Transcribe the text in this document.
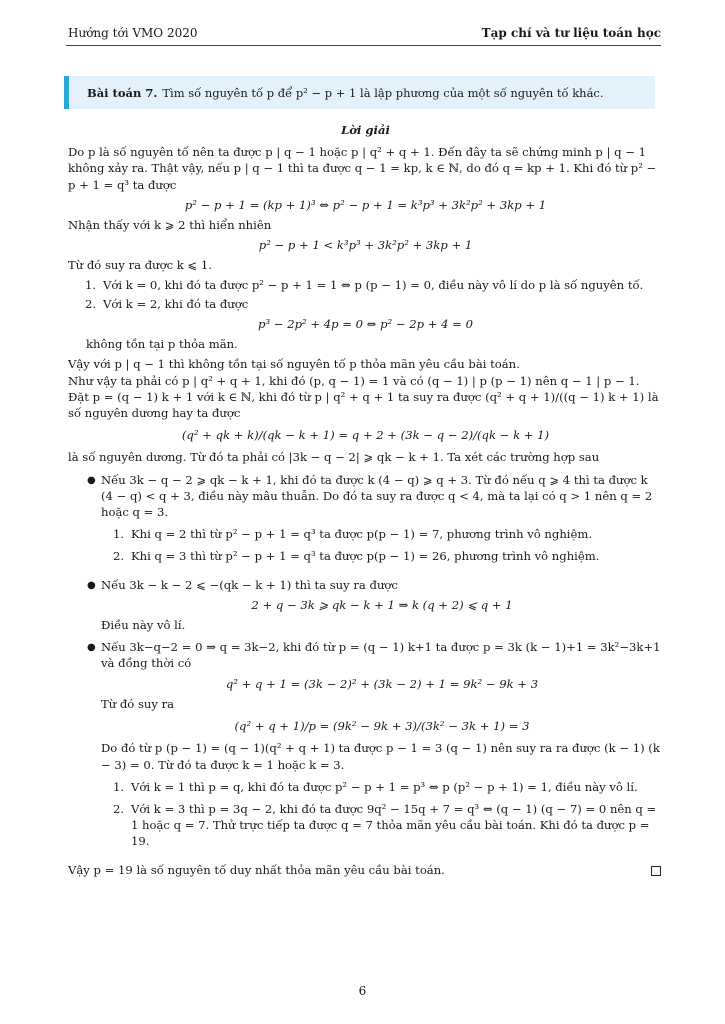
Hướng tới VMO 2020	Tạp chí và tư liệu toán học
Bài toán 7. Tìm số nguyên tố p để p² − p + 1 là lập phương của một số nguyên tố khác.

Lời giải

Do p là số nguyên tố nên ta được p | q − 1 hoặc p | q² + q + 1. Đến đây ta sẽ chứng minh p | q − 1 không xảy ra. Thật vậy, nếu p | q − 1 thì ta được q − 1 = kp, k ∈ ℕ, do đó q = kp + 1. Khi đó từ p² − p + 1 = q³ ta được

p² − p + 1 = (kp + 1)³ ⇔ p² − p + 1 = k³p³ + 3k²p² + 3kp + 1

Nhận thấy với k ⩾ 2 thì hiển nhiên

p² − p + 1 < k³p³ + 3k²p² + 3kp + 1

Từ đó suy ra được k ⩽ 1.

1. Với k = 0, khi đó ta được p² − p + 1 = 1 ⇔ p (p − 1) = 0, điều này vô lí do p là số nguyên tố.
2. Với k = 2, khi đó ta được

p³ − 2p² + 4p = 0 ⇔ p² − 2p + 4 = 0

không tồn tại p thỏa mãn.

Vậy với p | q − 1 thì không tồn tại số nguyên tố p thỏa mãn yêu cầu bài toán.

Như vậy ta phải có p | q² + q + 1, khi đó (p, q − 1) = 1 và có (q − 1) | p (p − 1) nên q − 1 | p − 1. Đặt p = (q − 1) k + 1 với k ∈ ℕ, khi đó từ p | q² + q + 1 ta suy ra được (q² + q + 1)/((q − 1) k + 1) là số nguyên dương hay ta được

(q² + qk + k)/(qk − k + 1) = q + 2 + (3k − q − 2)/(qk − k + 1)

là số nguyên dương. Từ đó ta phải có |3k − q − 2| ⩾ qk − k + 1. Ta xét các trường hợp sau

● Nếu 3k − q − 2 ⩾ qk − k + 1, khi đó ta được k (4 − q) ⩾ q + 3. Từ đó nếu q ⩾ 4 thì ta được k (4 − q) < q + 3, điều này mâu thuẫn. Do đó ta suy ra được q < 4, mà ta lại có q > 1 nên q = 2 hoặc q = 3.

1. Khi q = 2 thì từ p² − p + 1 = q³ ta được p(p − 1) = 7, phương trình vô nghiệm.
2. Khi q = 3 thì từ p² − p + 1 = q³ ta được p(p − 1) = 26, phương trình vô nghiệm.
● Nếu 3k − k − 2 ⩽ −(qk − k + 1) thì ta suy ra được

2 + q − 3k ⩾ qk − k + 1 ⇒ k (q + 2) ⩽ q + 1

Điều này vô lí.

● Nếu 3k−q−2 = 0 ⇒ q = 3k−2, khi đó từ p = (q − 1) k+1 ta được p = 3k (k − 1)+1 = 3k²−3k+1 và đồng thời có

q² + q + 1 = (3k − 2)² + (3k − 2) + 1 = 9k² − 9k + 3

Từ đó suy ra

(q² + q + 1)/p = (9k² − 9k + 3)/(3k² − 3k + 1) = 3

Do đó từ p (p − 1) = (q − 1)(q² + q + 1) ta được p − 1 = 3 (q − 1) nên suy ra ra được (k − 1) (k − 3) = 0. Từ đó ta được k = 1 hoặc k = 3.

1. Với k = 1 thì p = q, khi đó ta được p² − p + 1 = p³ ⇔ p (p² − p + 1) = 1, điều này vô lí.
2. Với k = 3 thì p = 3q − 2, khi đó ta được 9q² − 15q + 7 = q³ ⇔ (q − 1) (q − 7) = 0 nên q = 1 hoặc q = 7. Thử trực tiếp ta được q = 7 thỏa mãn yêu cầu bài toán. Khi đó ta được p = 19.
Vậy p = 19 là số nguyên tố duy nhất thỏa mãn yêu cầu bài toán.
6
